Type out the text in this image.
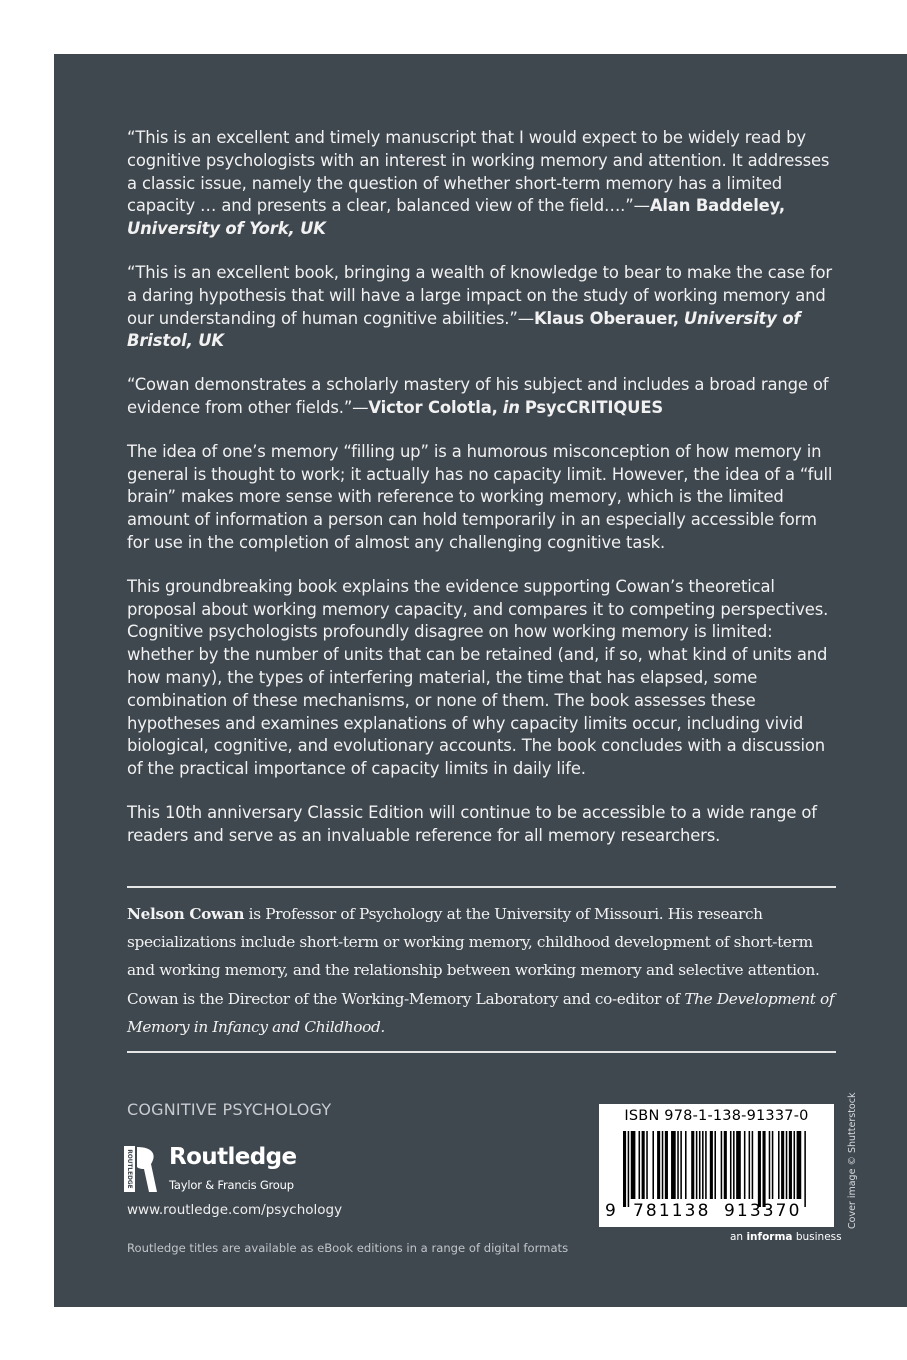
“This is an excellent and timely manuscript that I would expect to be widely read by cognitive psychologists with an interest in working memory and attention. It addresses a classic issue, namely the question of whether short-term memory has a limited capacity … and presents a clear, balanced view of the field….”—Alan Baddeley,
University of York, UK

“This is an excellent book, bringing a wealth of knowledge to bear to make the case for a daring hypothesis that will have a large impact on the study of working memory and our understanding of human cognitive abilities.”—Klaus Oberauer, University of Bristol, UK

“Cowan demonstrates a scholarly mastery of his subject and includes a broad range of evidence from other fields.”—Victor Colotla, in PsycCRITIQUES

The idea of one’s memory “filling up” is a humorous misconception of how memory in general is thought to work; it actually has no capacity limit. However, the idea of a “full brain” makes more sense with reference to working memory, which is the limited amount of information a person can hold temporarily in an especially accessible form for use in the completion of almost any challenging cognitive task.

This groundbreaking book explains the evidence supporting Cowan’s theoretical proposal about working memory capacity, and compares it to competing perspectives. Cognitive psychologists profoundly disagree on how working memory is limited: whether by the number of units that can be retained (and, if so, what kind of units and how many), the types of interfering material, the time that has elapsed, some combination of these mechanisms, or none of them. The book assesses these hypotheses and examines explanations of why capacity limits occur, including vivid biological, cognitive, and evolutionary accounts. The book concludes with a discussion of the practical importance of capacity limits in daily life.

This 10th anniversary Classic Edition will continue to be accessible to a wide range of readers and serve as an invaluable reference for all memory researchers.

Nelson Cowan is Professor of Psychology at the University of Missouri. His research specializations include short-term or working memory, childhood development of short-term and working memory, and the relationship between working memory and selective attention. Cowan is the Director of the Working-Memory Laboratory and co-editor of The Development of Memory in Infancy and Childhood.
COGNITIVE PSYCHOLOGY
ROUTLEDGE Routledge
Taylor & Francis Group
www.routledge.com/psychology
Routledge titles are available as eBook editions in a range of digital formats
ISBN 978-1-138-91337-0
9 781138 913370
an informa business
Cover image © Shutterstock
